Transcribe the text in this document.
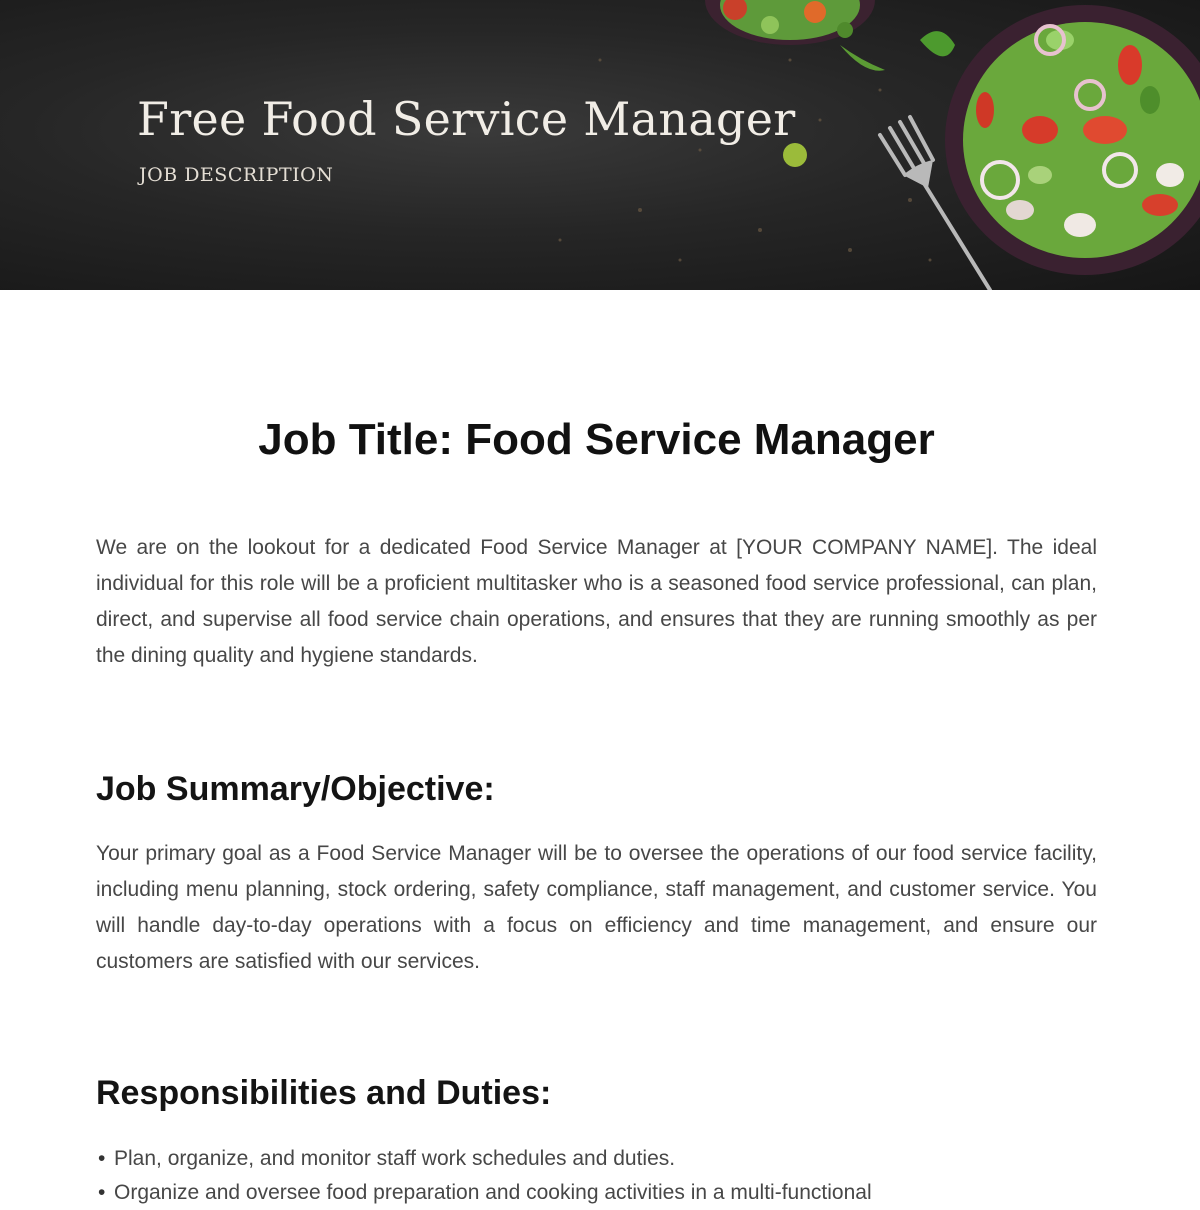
Free Food Service Manager
JOB DESCRIPTION
Job Title: Food Service Manager

We are on the lookout for a dedicated Food Service Manager at [YOUR COMPANY NAME]. The ideal individual for this role will be a proficient multitasker who is a seasoned food service professional, can plan, direct, and supervise all food service chain operations, and ensures that they are running smoothly as per the dining quality and hygiene standards.

Job Summary/Objective:

Your primary goal as a Food Service Manager will be to oversee the operations of our food service facility, including menu planning, stock ordering, safety compliance, staff management, and customer service. You will handle day-to-day operations with a focus on efficiency and time management, and ensure our customers are satisfied with our services.

Responsibilities and Duties:
• Plan, organize, and monitor staff work schedules and duties.
• Organize and oversee food preparation and cooking activities in a multi-functional
